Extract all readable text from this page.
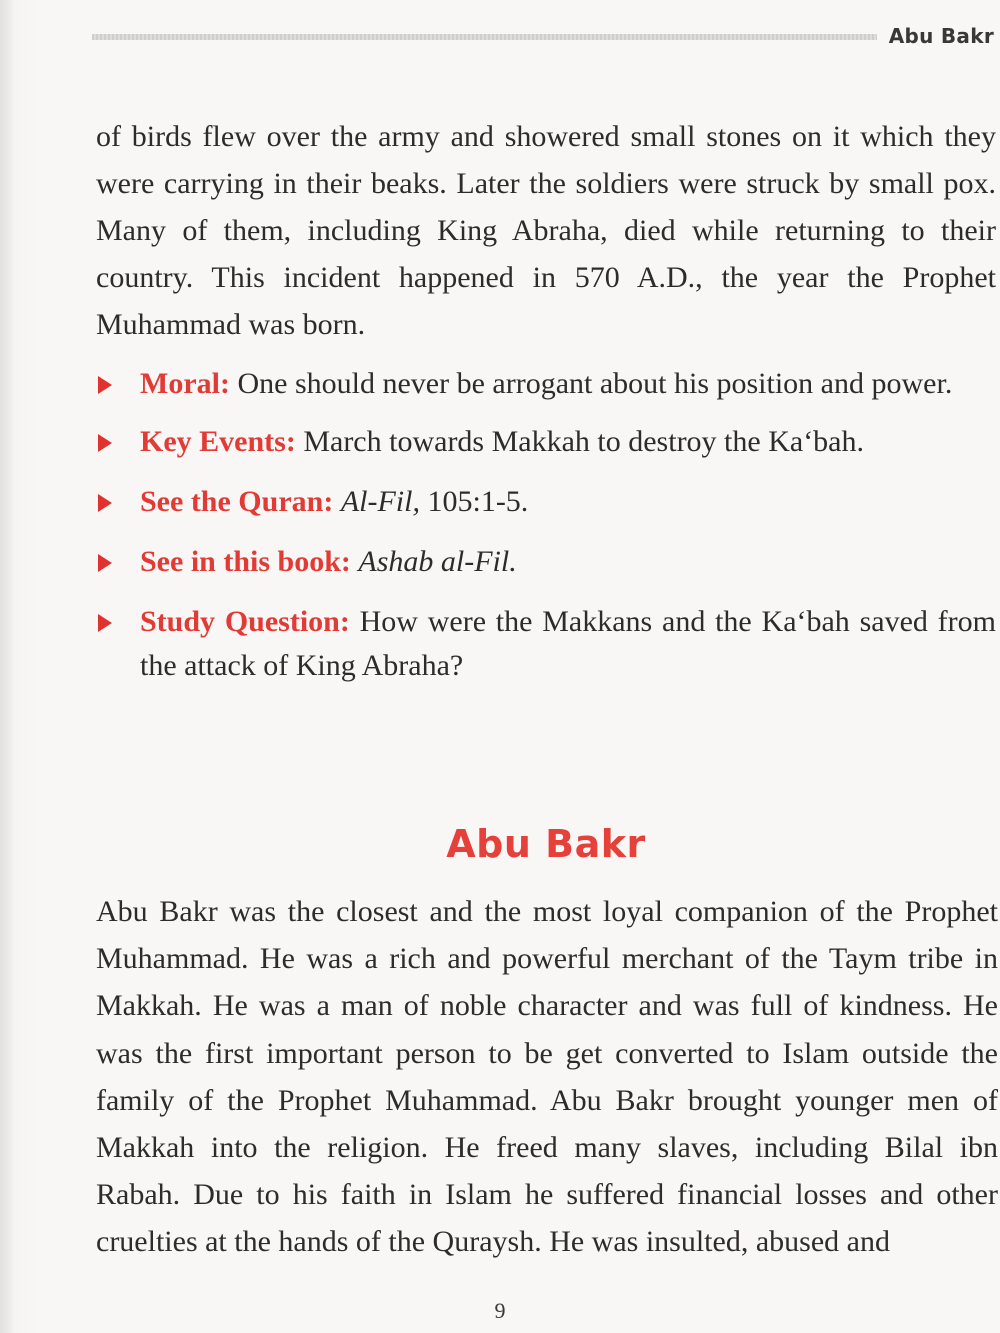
Abu Bakr

of birds flew over the army and showered small stones on it which they were carrying in their beaks. Later the soldiers were struck by small pox. Many of them, including King Abraha, died while returning to their country. This incident happened in 570 A.D., the year the Prophet Muhammad was born.

Moral: One should never be arrogant about his position and power.
Key Events: March towards Makkah to destroy the Ka‘bah.
See the Quran: Al-Fil, 105:1-5.
See in this book: Ashab al-Fil.
Study Question: How were the Makkans and the Ka‘bah saved from the attack of King Abraha?
Abu Bakr

Abu Bakr was the closest and the most loyal companion of the Prophet Muhammad. He was a rich and powerful merchant of the Taym tribe in Makkah. He was a man of noble character and was full of kindness. He was the first important person to be get converted to Islam outside the family of the Prophet Muhammad. Abu Bakr brought younger men of Makkah into the religion. He freed many slaves, including Bilal ibn Rabah. Due to his faith in Islam he suffered financial losses and other cruelties at the hands of the Quraysh. He was insulted, abused and

9
